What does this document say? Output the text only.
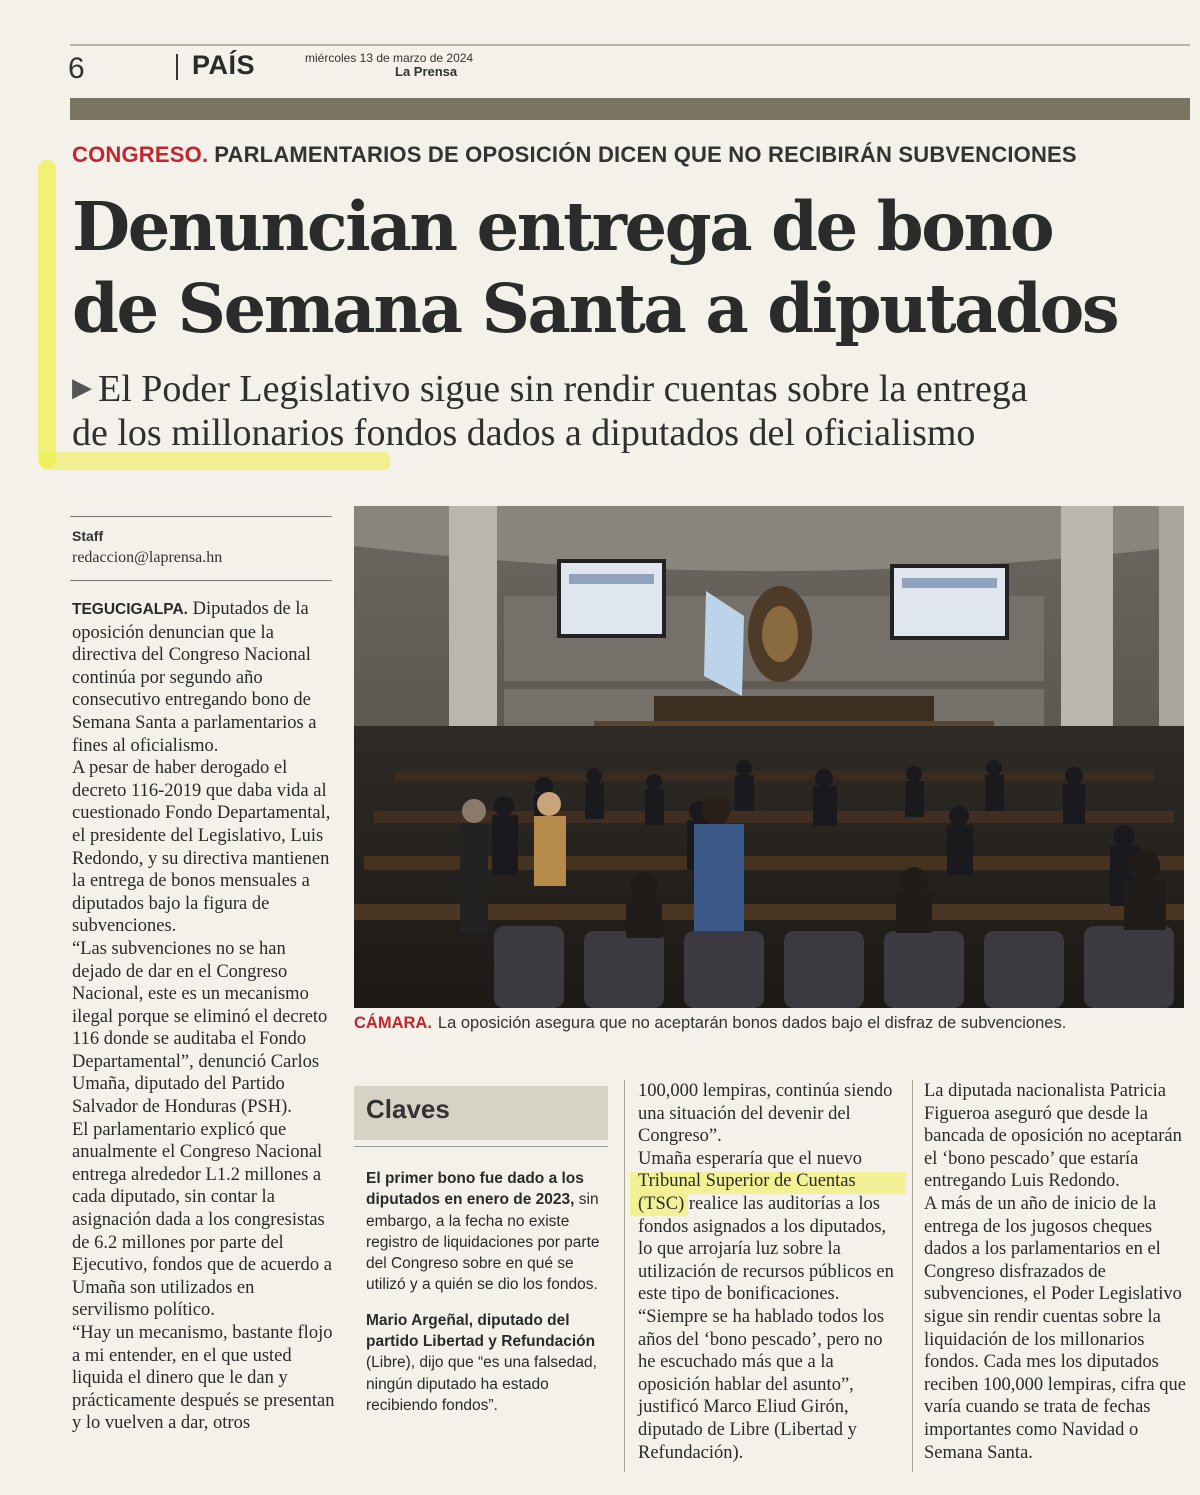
6	PAÍS	miércoles 13 de marzo de 2024
La Prensa
CONGRESO. PARLAMENTARIOS DE OPOSICIÓN DICEN QUE NO RECIBIRÁN SUBVENCIONES
Denuncian entrega de bono
de Semana Santa a diputados
▶ El Poder Legislativo sigue sin rendir cuentas sobre la entrega
de los millonarios fondos dados a diputados del oficialismo
Staff
redaccion@laprensa.hn

TEGUCIGALPA. Diputados de la oposición denuncian que la directiva del Congreso Nacional continúa por segundo año consecutivo entregando bono de Semana Santa a parlamentarios a fines al oficialismo.

A pesar de haber derogado el decreto 116-2019 que daba vida al cuestionado Fondo Departamental, el presidente del Legislativo, Luis Redondo, y su directiva mantienen la entrega de bonos mensuales a diputados bajo la figura de subvenciones.

“Las subvenciones no se han dejado de dar en el Congreso Nacional, este es un mecanismo ilegal porque se eliminó el decreto 116 donde se auditaba el Fondo Departamental”, denunció Carlos Umaña, diputado del Partido Salvador de Honduras (PSH).

El parlamentario explicó que anualmente el Congreso Nacional entrega alrededor L1.2 millones a cada diputado, sin contar la asignación dada a los congresistas de 6.2 millones por parte del Ejecutivo, fondos que de acuerdo a Umaña son utilizados en servilismo político.

“Hay un mecanismo, bastante flojo a mi entender, en el que usted liquida el dinero que le dan y prácticamente después se presentan y lo vuelven a dar, otros

CÁMARA. La oposición asegura que no aceptarán bonos dados bajo el disfraz de subvenciones.
Claves

El primer bono fue dado a los diputados en enero de 2023, sin embargo, a la fecha no existe registro de liquidaciones por parte del Congreso sobre en qué se utilizó y a quién se dio los fondos.

Mario Argeñal, diputado del partido Libertad y Refundación (Libre), dijo que “es una falsedad, ningún diputado ha estado recibiendo fondos”.

100,000 lempiras, continúa siendo una situación del devenir del Congreso”.

Umaña esperaría que el nuevo Tribunal Superior de Cuentas (TSC) realice las auditorías a los fondos asignados a los diputados, lo que arrojaría luz sobre la utilización de recursos públicos en este tipo de bonificaciones.

“Siempre se ha hablado todos los años del ‘bono pescado’, pero no he escuchado más que a la oposición hablar del asunto”, justificó Marco Eliud Girón, diputado de Libre (Libertad y Refundación).

La diputada nacionalista Patricia Figueroa aseguró que desde la bancada de oposición no aceptarán el ‘bono pescado’ que estaría entregando Luis Redondo.

A más de un año de inicio de la entrega de los jugosos cheques dados a los parlamentarios en el Congreso disfrazados de subvenciones, el Poder Legislativo sigue sin rendir cuentas sobre la liquidación de los millonarios fondos. Cada mes los diputados reciben 100,000 lempiras, cifra que varía cuando se trata de fechas importantes como Navidad o Semana Santa.
